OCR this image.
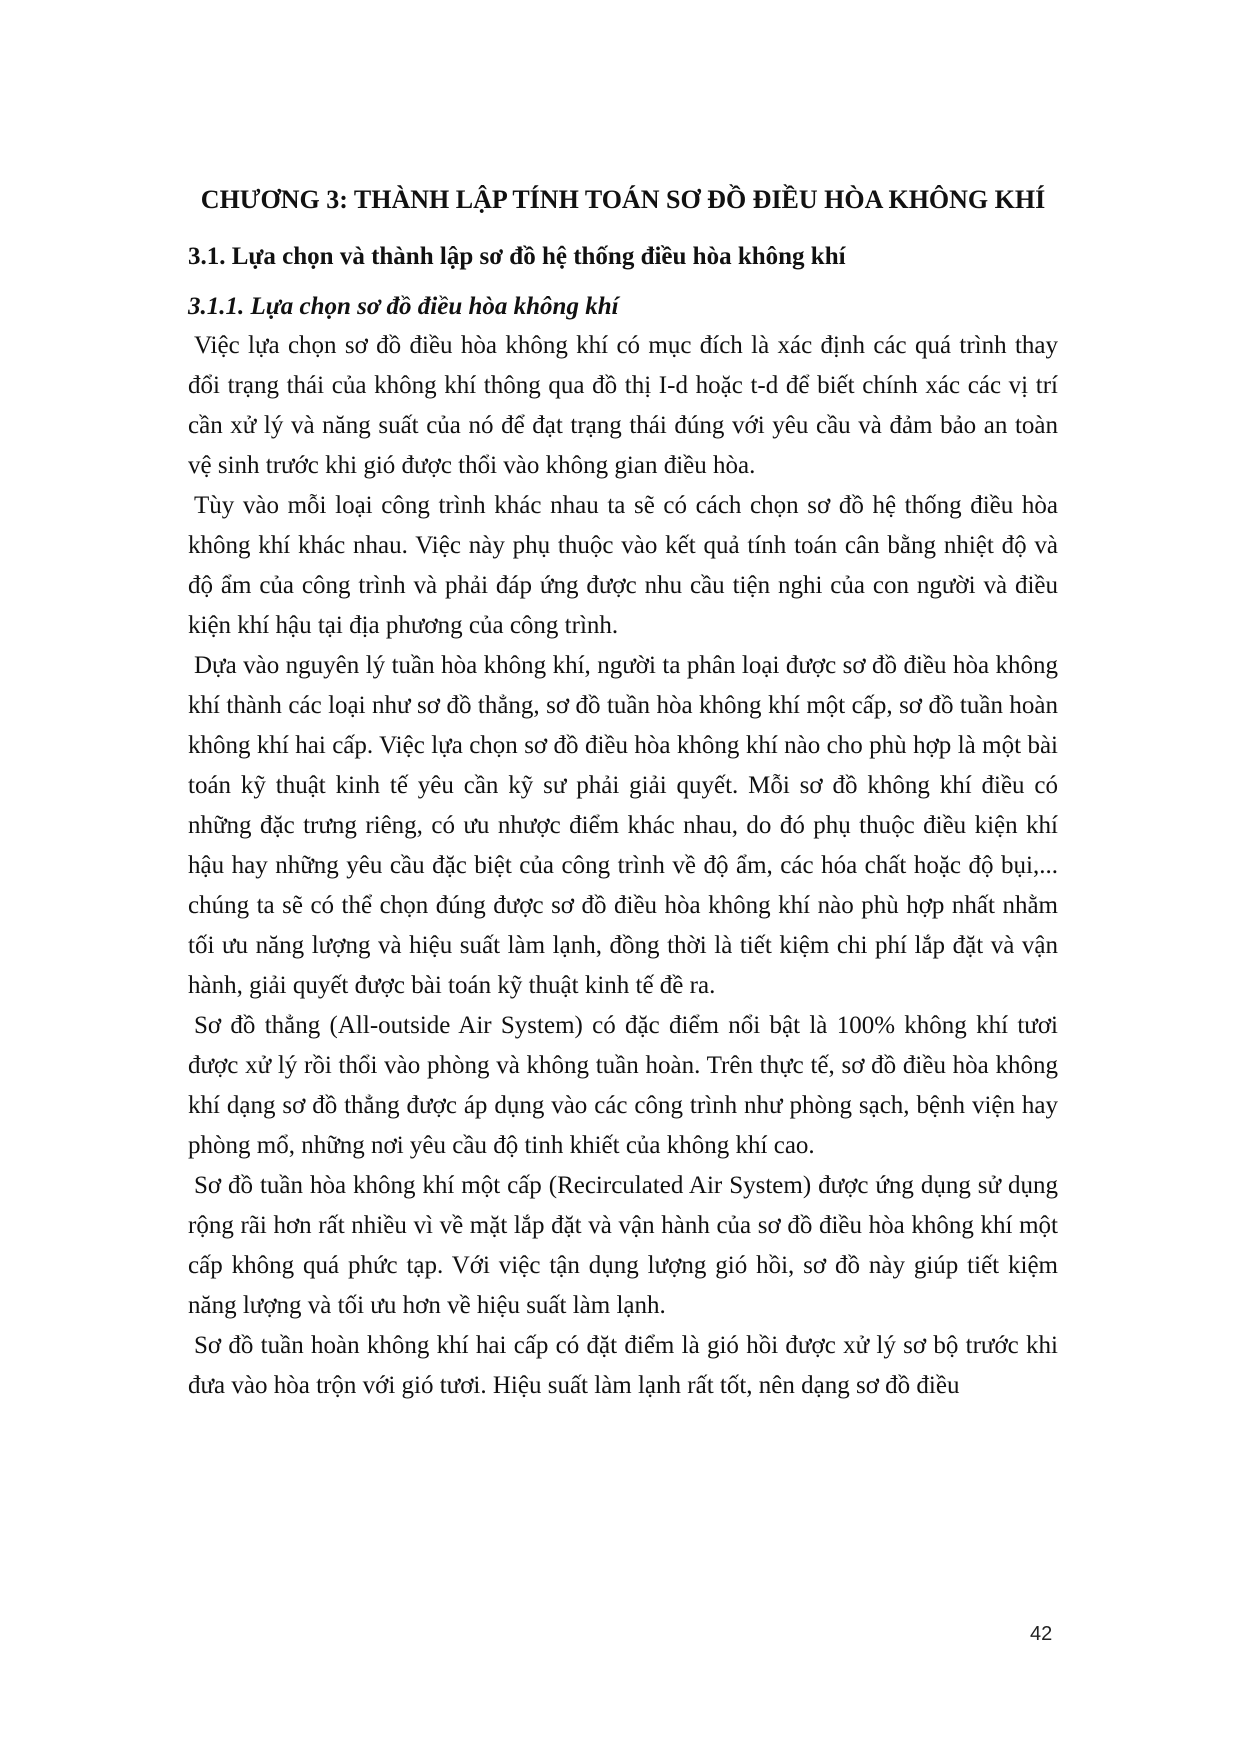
CHƯƠNG 3: THÀNH LẬP TÍNH TOÁN SƠ ĐỒ ĐIỀU HÒA KHÔNG KHÍ
3.1. Lựa chọn và thành lập sơ đồ hệ thống điều hòa không khí
3.1.1. Lựa chọn sơ đồ điều hòa không khí

Việc lựa chọn sơ đồ điều hòa không khí có mục đích là xác định các quá trình thay đổi trạng thái của không khí thông qua đồ thị I-d hoặc t-d để biết chính xác các vị trí cần xử lý và năng suất của nó để đạt trạng thái đúng với yêu cầu và đảm bảo an toàn vệ sinh trước khi gió được thổi vào không gian điều hòa.

Tùy vào mỗi loại công trình khác nhau ta sẽ có cách chọn sơ đồ hệ thống điều hòa không khí khác nhau. Việc này phụ thuộc vào kết quả tính toán cân bằng nhiệt độ và độ ẩm của công trình và phải đáp ứng được nhu cầu tiện nghi của con người và điều kiện khí hậu tại địa phương của công trình.

Dựa vào nguyên lý tuần hòa không khí, người ta phân loại được sơ đồ điều hòa không khí thành các loại như sơ đồ thẳng, sơ đồ tuần hòa không khí một cấp, sơ đồ tuần hoàn không khí hai cấp. Việc lựa chọn sơ đồ điều hòa không khí nào cho phù hợp là một bài toán kỹ thuật kinh tế yêu cần kỹ sư phải giải quyết. Mỗi sơ đồ không khí điều có những đặc trưng riêng, có ưu nhược điểm khác nhau, do đó phụ thuộc điều kiện khí hậu hay những yêu cầu đặc biệt của công trình về độ ẩm, các hóa chất hoặc độ bụi,... chúng ta sẽ có thể chọn đúng được sơ đồ điều hòa không khí nào phù hợp nhất nhằm tối ưu năng lượng và hiệu suất làm lạnh, đồng thời là tiết kiệm chi phí lắp đặt và vận hành, giải quyết được bài toán kỹ thuật kinh tế đề ra.

Sơ đồ thẳng (All-outside Air System) có đặc điểm nổi bật là 100% không khí tươi được xử lý rồi thổi vào phòng và không tuần hoàn. Trên thực tế, sơ đồ điều hòa không khí dạng sơ đồ thẳng được áp dụng vào các công trình như phòng sạch, bệnh viện hay phòng mổ, những nơi yêu cầu độ tinh khiết của không khí cao.

Sơ đồ tuần hòa không khí một cấp (Recirculated Air System) được ứng dụng sử dụng rộng rãi hơn rất nhiều vì về mặt lắp đặt và vận hành của sơ đồ điều hòa không khí một cấp không quá phức tạp. Với việc tận dụng lượng gió hồi, sơ đồ này giúp tiết kiệm năng lượng và tối ưu hơn về hiệu suất làm lạnh.

Sơ đồ tuần hoàn không khí hai cấp có đặt điểm là gió hồi được xử lý sơ bộ trước khi đưa vào hòa trộn với gió tươi. Hiệu suất làm lạnh rất tốt, nên dạng sơ đồ điều

42
